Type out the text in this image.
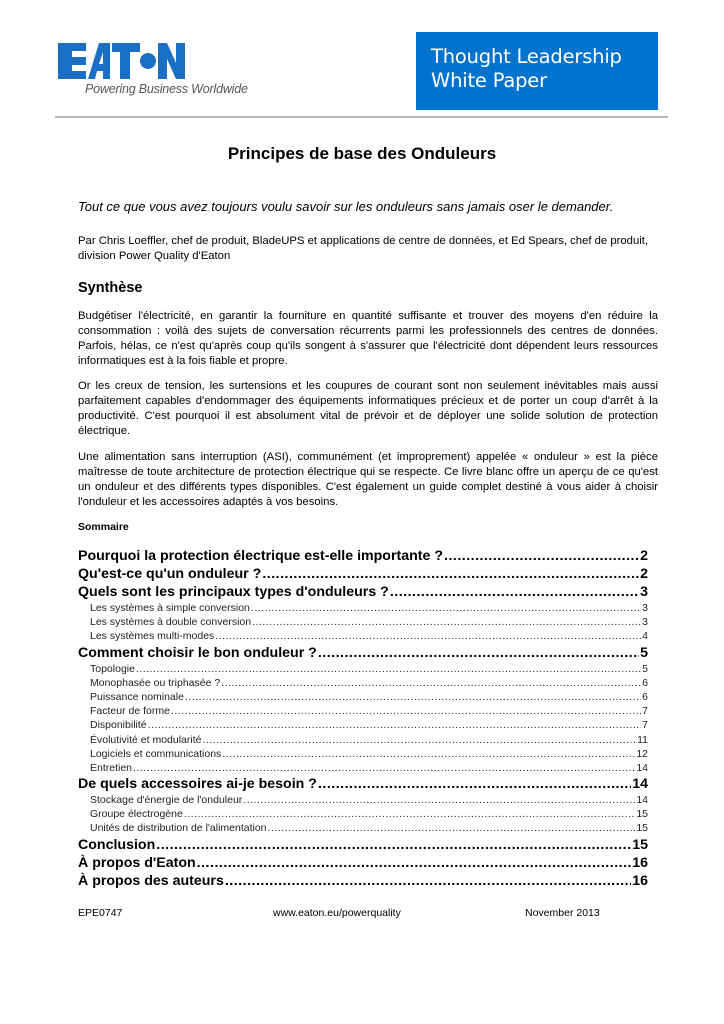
Powering Business Worldwide
Thought Leadership
White Paper
Principes de base des Onduleurs
Tout ce que vous avez toujours voulu savoir sur les onduleurs sans jamais oser le demander.
Par Chris Loeffler, chef de produit, BladeUPS et applications de centre de données, et Ed Spears, chef de produit, division Power Quality d'Eaton
Synthèse
Budgétiser l'électricité, en garantir la fourniture en quantité suffisante et trouver des moyens d'en réduire la consommation : voilà des sujets de conversation récurrents parmi les professionnels des centres de données. Parfois, hélas, ce n'est qu'après coup qu'ils songent à s'assurer que l'électricité dont dépendent leurs ressources informatiques est à la fois fiable et propre.
Or les creux de tension, les surtensions et les coupures de courant sont non seulement inévitables mais aussi parfaitement capables d'endommager des équipements informatiques précieux et de porter un coup d'arrêt à la productivité. C'est pourquoi il est absolument vital de prévoir et de déployer une solide solution de protection électrique.
Une alimentation sans interruption (ASI), communément (et improprement) appelée « onduleur » est la pièce maîtresse de toute architecture de protection électrique qui se respecte. Ce livre blanc offre un aperçu de ce qu'est un onduleur et des différents types disponibles. C'est également un guide complet destiné à vous aider à choisir l'onduleur et les accessoires adaptés à vos besoins.
Sommaire
Pourquoi la protection électrique est-elle importante ? .....	2
Qu'est-ce qu'un onduleur ? .....	2
Quels sont les principaux types d'onduleurs ? .....	3
Les systèmes à simple conversion .....	3
Les systèmes à double conversion .....	3
Les systèmes multi-modes .....	4
Comment choisir le bon onduleur ? .....	5
Topologie .....	5
Monophasée ou triphasée ? .....	6
Puissance nominale .....	6
Facteur de forme .....	7
Disponibilité .....	7
Évolutivité et modularité .....	11
Logiciels et communications .....	12
Entretien .....	14
De quels accessoires ai-je besoin ? .....	14
Stockage d'énergie de l'onduleur .....	14
Groupe électrogène .....	15
Unités de distribution de l'alimentation .....	15
Conclusion .....	15
À propos d'Eaton .....	16
À propos des auteurs .....	16
EPE0747	www.eaton.eu/powerquality	November 2013
